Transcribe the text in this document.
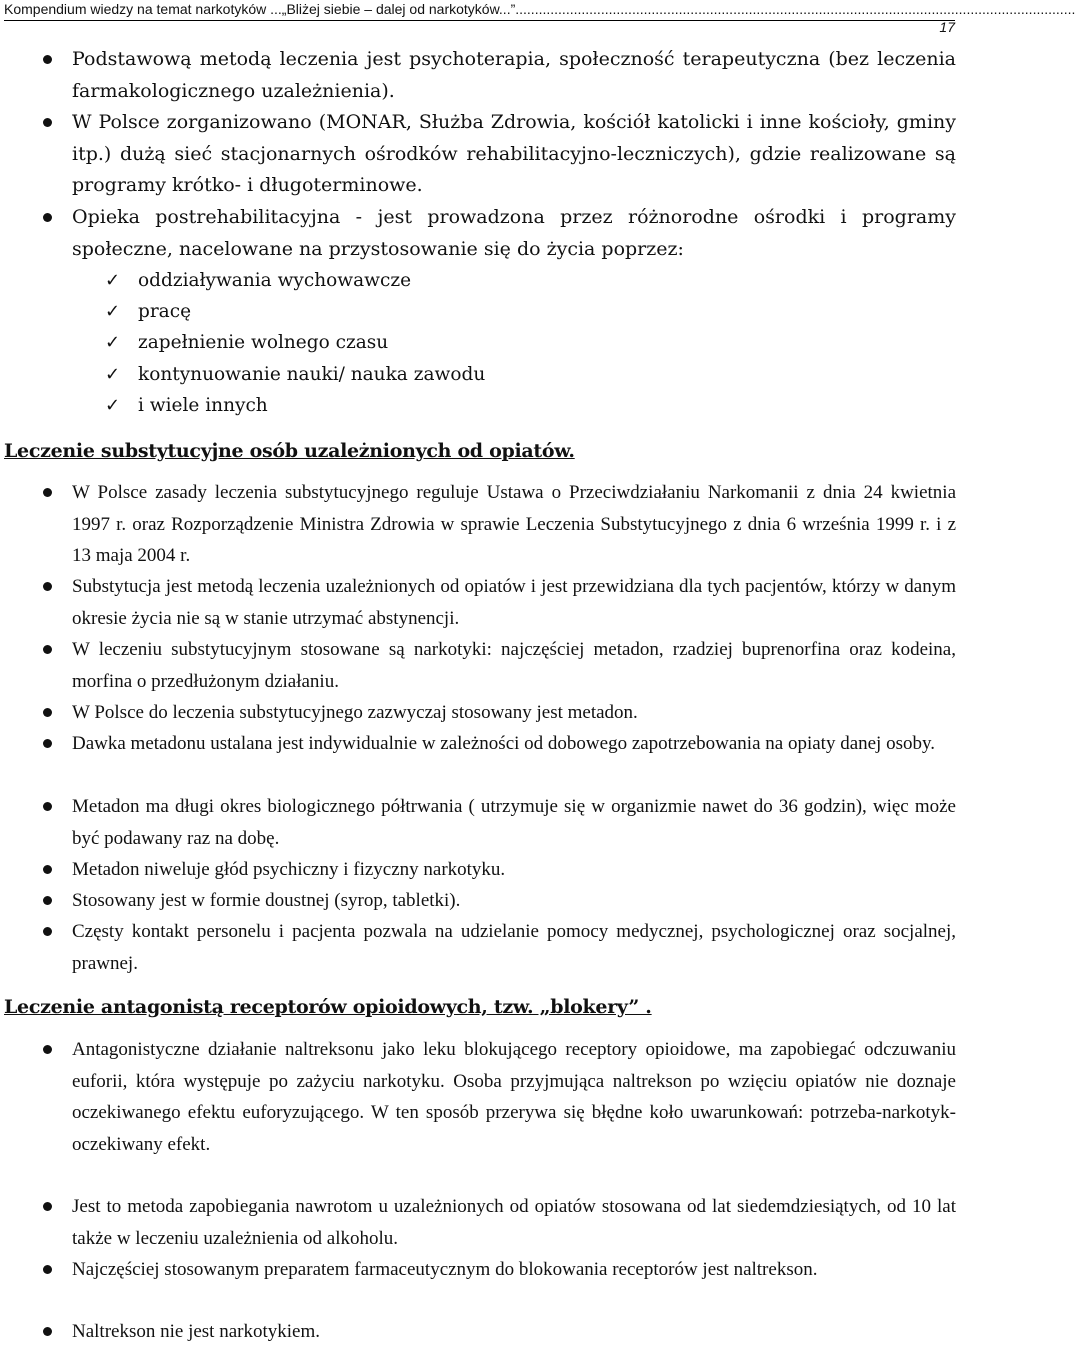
Kompendium wiedzy na temat narkotyków ...„Bliżej siebie – dalej od narkotyków...” ................................................................................................................................................
17
Podstawową metodą leczenia jest psychoterapia, społeczność terapeutyczna (bez leczenia farmakologicznego uzależnienia).
W Polsce zorganizowano (MONAR, Służba Zdrowia, kościół katolicki i inne kościoły, gminy itp.) dużą sieć stacjonarnych ośrodków rehabilitacyjno-leczniczych), gdzie realizowane są programy krótko- i długoterminowe.
Opieka postrehabilitacyjna - jest prowadzona przez różnorodne ośrodki i programy społeczne, nacelowane na przystosowanie się do życia poprzez:
✓ oddziaływania wychowawcze
✓ pracę
✓ zapełnienie wolnego czasu
✓ kontynuowanie nauki/ nauka zawodu
✓ i wiele innych
Leczenie substytucyjne osób uzależnionych od opiatów.
W Polsce zasady leczenia substytucyjnego reguluje Ustawa o Przeciwdziałaniu Narkomanii z dnia 24 kwietnia 1997 r. oraz Rozporządzenie Ministra Zdrowia w sprawie Leczenia Substytucyjnego z dnia 6 września 1999 r. i z 13 maja 2004 r.
Substytucja jest metodą leczenia uzależnionych od opiatów i jest przewidziana dla tych pacjentów, którzy w danym okresie życia nie są w stanie utrzymać abstynencji.
W leczeniu substytucyjnym stosowane są narkotyki: najczęściej metadon, rzadziej buprenorfina oraz kodeina, morfina o przedłużonym działaniu.
W Polsce do leczenia substytucyjnego zazwyczaj stosowany jest metadon.
Dawka metadonu ustalana jest indywidualnie w zależności od dobowego zapotrzebowania na opiaty danej osoby.
Metadon ma długi okres biologicznego półtrwania ( utrzymuje się w organizmie nawet do 36 godzin), więc może być podawany raz na dobę.
Metadon niweluje głód psychiczny i fizyczny narkotyku.
Stosowany jest w formie doustnej (syrop, tabletki).
Częsty kontakt personelu i pacjenta pozwala na udzielanie pomocy medycznej, psychologicznej oraz socjalnej, prawnej.
Leczenie antagonistą receptorów opioidowych, tzw. „blokery” .
Antagonistyczne działanie naltreksonu jako leku blokującego receptory opioidowe, ma zapobiegać odczuwaniu euforii, która występuje po zażyciu narkotyku. Osoba przyjmująca naltrekson po wzięciu opiatów nie doznaje oczekiwanego efektu euforyzującego. W ten sposób przerywa się błędne koło uwarunkowań: potrzeba-narkotyk-oczekiwany efekt.
Jest to metoda zapobiegania nawrotom u uzależnionych od opiatów stosowana od lat siedemdziesiątych, od 10 lat także w leczeniu uzależnienia od alkoholu.
Najczęściej stosowanym preparatem farmaceutycznym do blokowania receptorów jest naltrekson.
Naltrekson nie jest narkotykiem.
